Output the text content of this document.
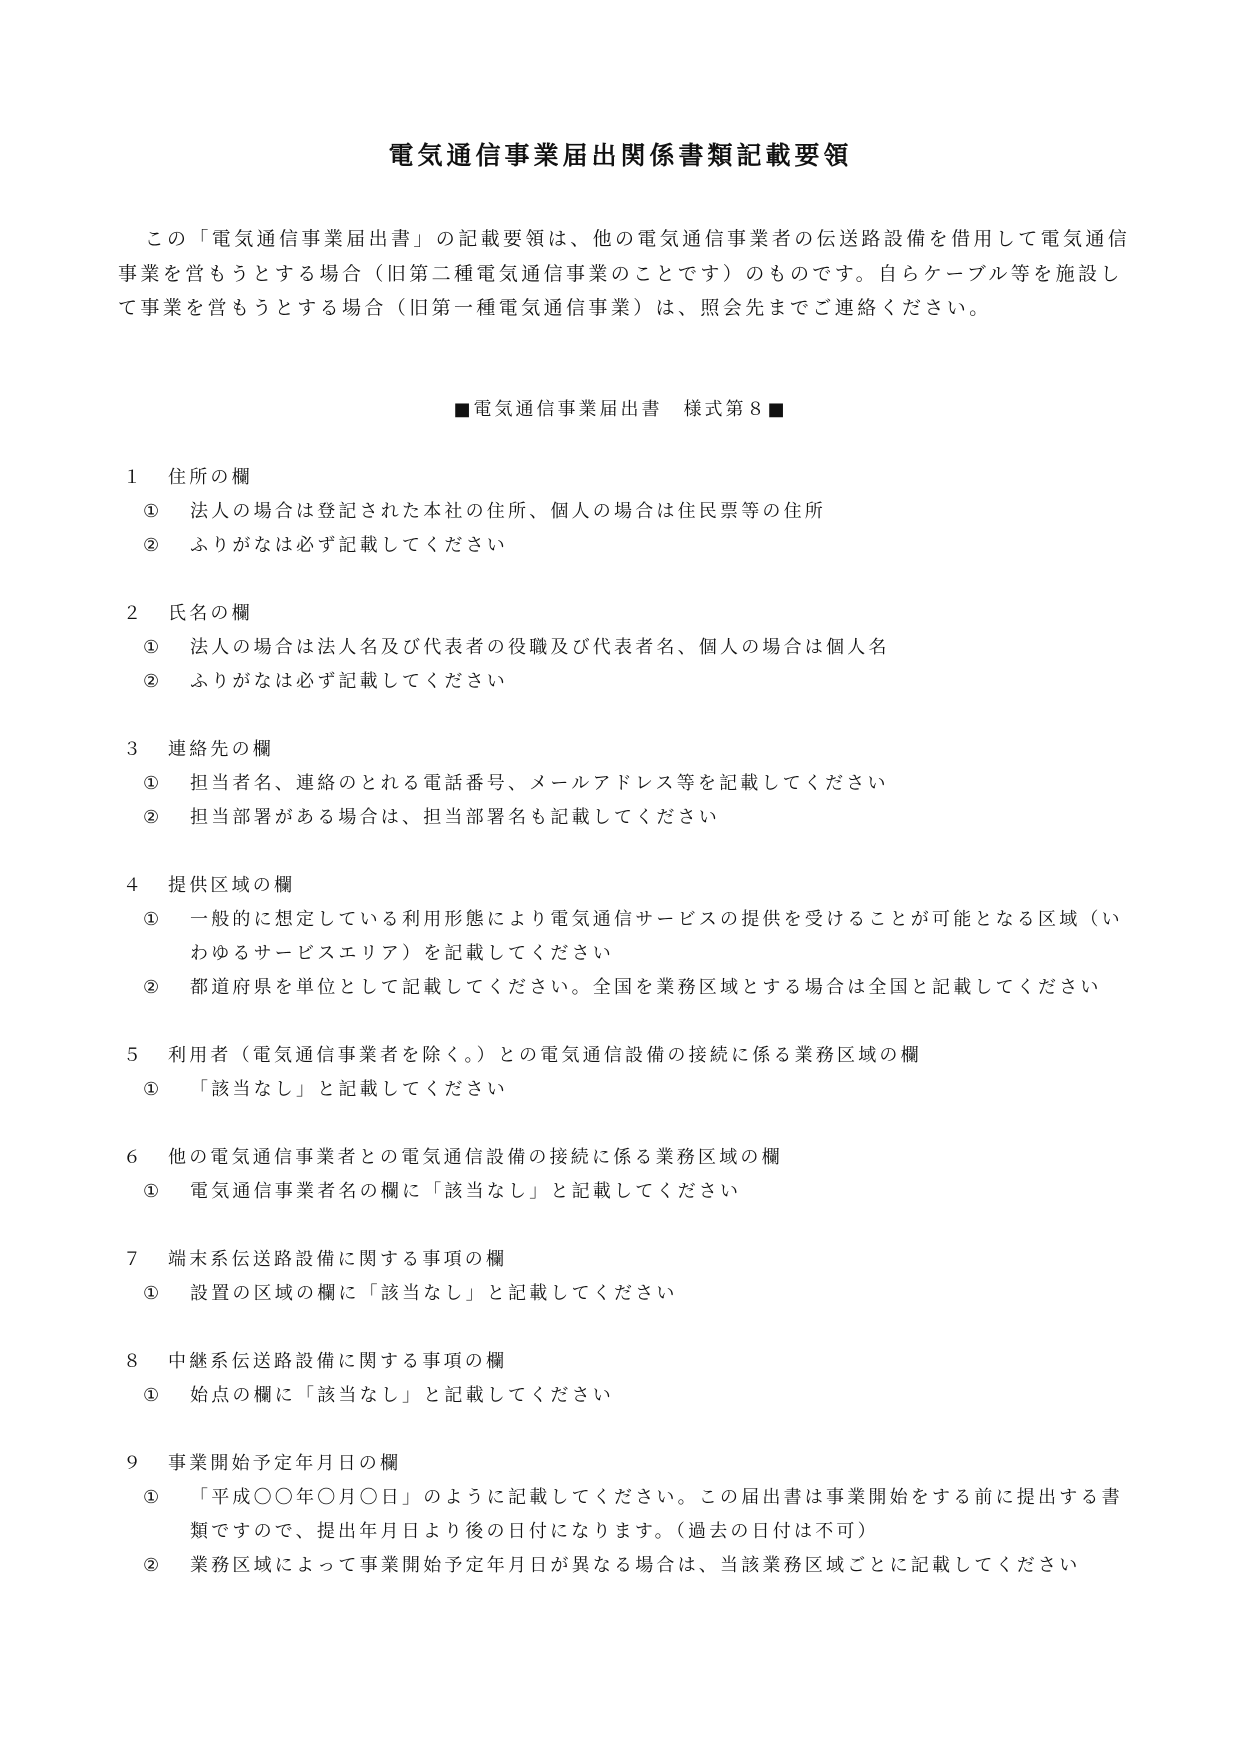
電気通信事業届出関係書類記載要領

この「電気通信事業届出書」の記載要領は、他の電気通信事業者の伝送路設備を借用して電気通信事業を営もうとする場合（旧第二種電気通信事業のことです）のものです。自らケーブル等を施設して事業を営もうとする場合（旧第一種電気通信事業）は、照会先までご連絡ください。

■電気通信事業届出書　様式第８■
１	住所の欄
①	法人の場合は登記された本社の住所、個人の場合は住民票等の住所
②	ふりがなは必ず記載してください
２	氏名の欄
①	法人の場合は法人名及び代表者の役職及び代表者名、個人の場合は個人名
②	ふりがなは必ず記載してください
３	連絡先の欄
①	担当者名、連絡のとれる電話番号、メールアドレス等を記載してください
②	担当部署がある場合は、担当部署名も記載してください
４	提供区域の欄
①	一般的に想定している利用形態により電気通信サービスの提供を受けることが可能となる区域（いわゆるサービスエリア）を記載してください
②	都道府県を単位として記載してください。全国を業務区域とする場合は全国と記載してください
５	利用者（電気通信事業者を除く。）との電気通信設備の接続に係る業務区域の欄
①	「該当なし」と記載してください
６	他の電気通信事業者との電気通信設備の接続に係る業務区域の欄
①	電気通信事業者名の欄に「該当なし」と記載してください
７	端末系伝送路設備に関する事項の欄
①	設置の区域の欄に「該当なし」と記載してください
８	中継系伝送路設備に関する事項の欄
①	始点の欄に「該当なし」と記載してください
９	事業開始予定年月日の欄
①	「平成〇〇年〇月〇日」のように記載してください。この届出書は事業開始をする前に提出する書類ですので、提出年月日より後の日付になります。（過去の日付は不可）
②	業務区域によって事業開始予定年月日が異なる場合は、当該業務区域ごとに記載してください
